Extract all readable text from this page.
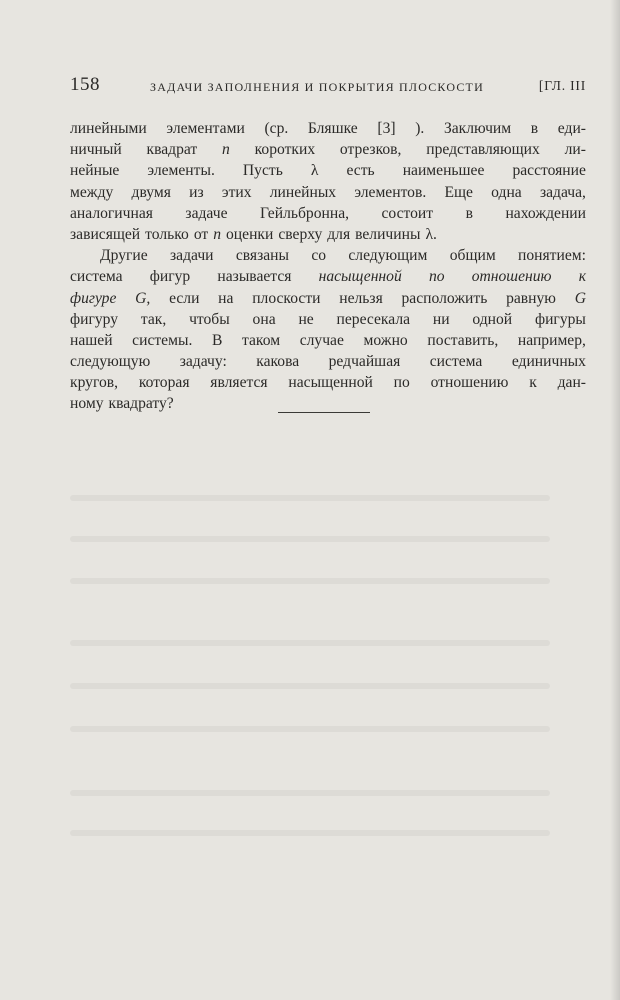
158	ЗАДАЧИ ЗАПОЛНЕНИЯ И ПОКРЫТИЯ ПЛОСКОСТИ	[ГЛ. III
линейными элементами (ср. Бляшке [3] ). Заключим в еди-
ничный квадрат n коротких отрезков, представляющих ли-
нейные элементы. Пусть λ есть наименьшее расстояние
между двумя из этих линейных элементов. Еще одна задача,
аналогичная задаче Гейльбронна, состоит в нахождении
зависящей только от n оценки сверху для величины λ.
Другие задачи связаны со следующим общим понятием:
система фигур называется насыщенной по отношению к
фигуре G, если на плоскости нельзя расположить равную G
фигуру так, чтобы она не пересекала ни одной фигуры
нашей системы. В таком случае можно поставить, например,
следующую задачу: какова редчайшая система единичных
кругов, которая является насыщенной по отношению к дан-
ному квадрату?
